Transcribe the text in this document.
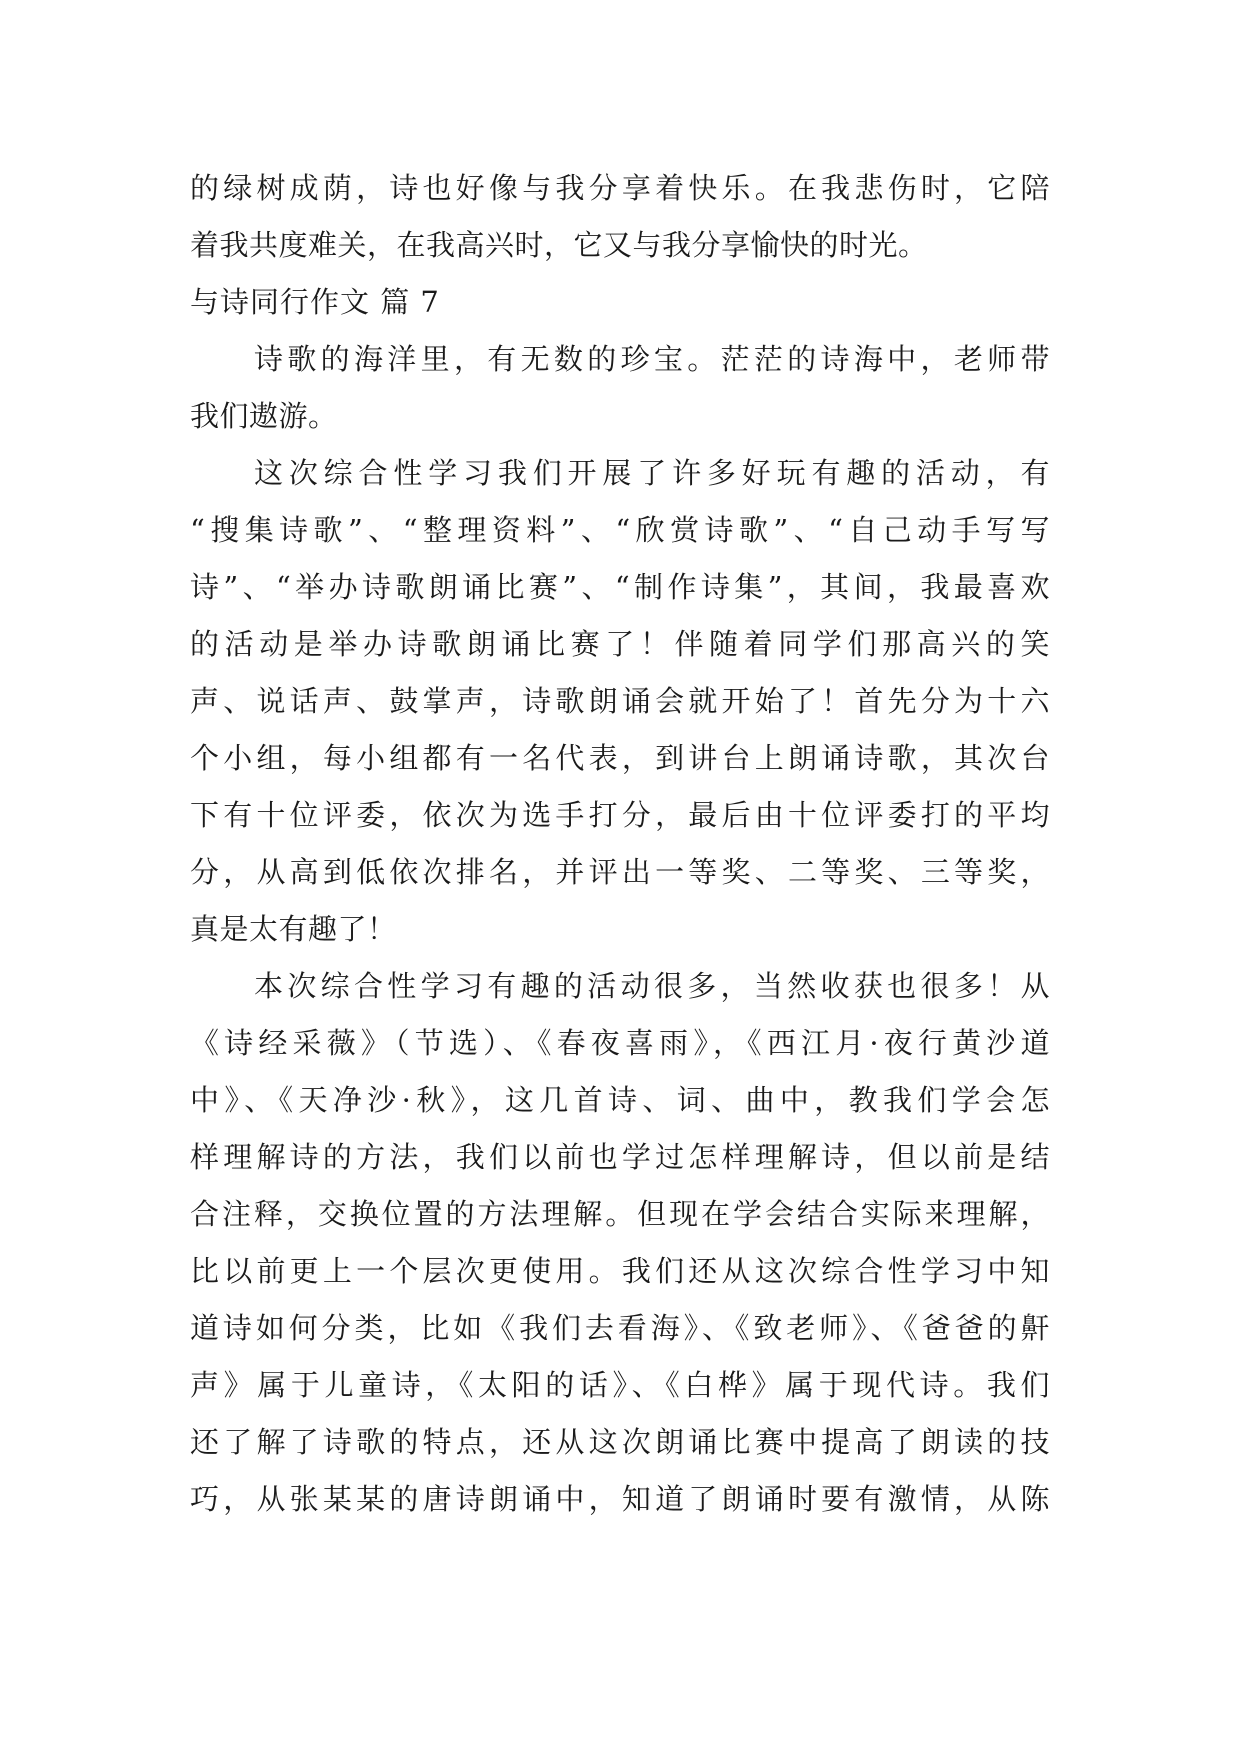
的绿树成荫，诗也好像与我分享着快乐。在我悲伤时，它陪
着我共度难关，在我高兴时，它又与我分享愉快的时光。
与诗同行作文 篇 7
诗歌的海洋里，有无数的珍宝。茫茫的诗海中，老师带
我们遨游。
这次综合性学习我们开展了许多好玩有趣的活动，有
“搜集诗歌”、“整理资料”、“欣赏诗歌”、“自己动手写写
诗”、“举办诗歌朗诵比赛”、“制作诗集”，其间，我最喜欢
的活动是举办诗歌朗诵比赛了！伴随着同学们那高兴的笑
声、说话声、鼓掌声，诗歌朗诵会就开始了！首先分为十六
个小组，每小组都有一名代表，到讲台上朗诵诗歌，其次台
下有十位评委，依次为选手打分，最后由十位评委打的平均
分，从高到低依次排名，并评出一等奖、二等奖、三等奖，
真是太有趣了！
本次综合性学习有趣的活动很多，当然收获也很多！从
《诗经采薇》（节选）、《春夜喜雨》，《西江月·夜行黄沙道
中》、《天净沙·秋》，这几首诗、词、曲中，教我们学会怎
样理解诗的方法，我们以前也学过怎样理解诗，但以前是结
合注释，交换位置的方法理解。但现在学会结合实际来理解，
比以前更上一个层次更使用。我们还从这次综合性学习中知
道诗如何分类，比如《我们去看海》、《致老师》、《爸爸的鼾
声》属于儿童诗，《太阳的话》、《白桦》属于现代诗。我们
还了解了诗歌的特点，还从这次朗诵比赛中提高了朗读的技
巧，从张某某的唐诗朗诵中，知道了朗诵时要有激情，从陈
